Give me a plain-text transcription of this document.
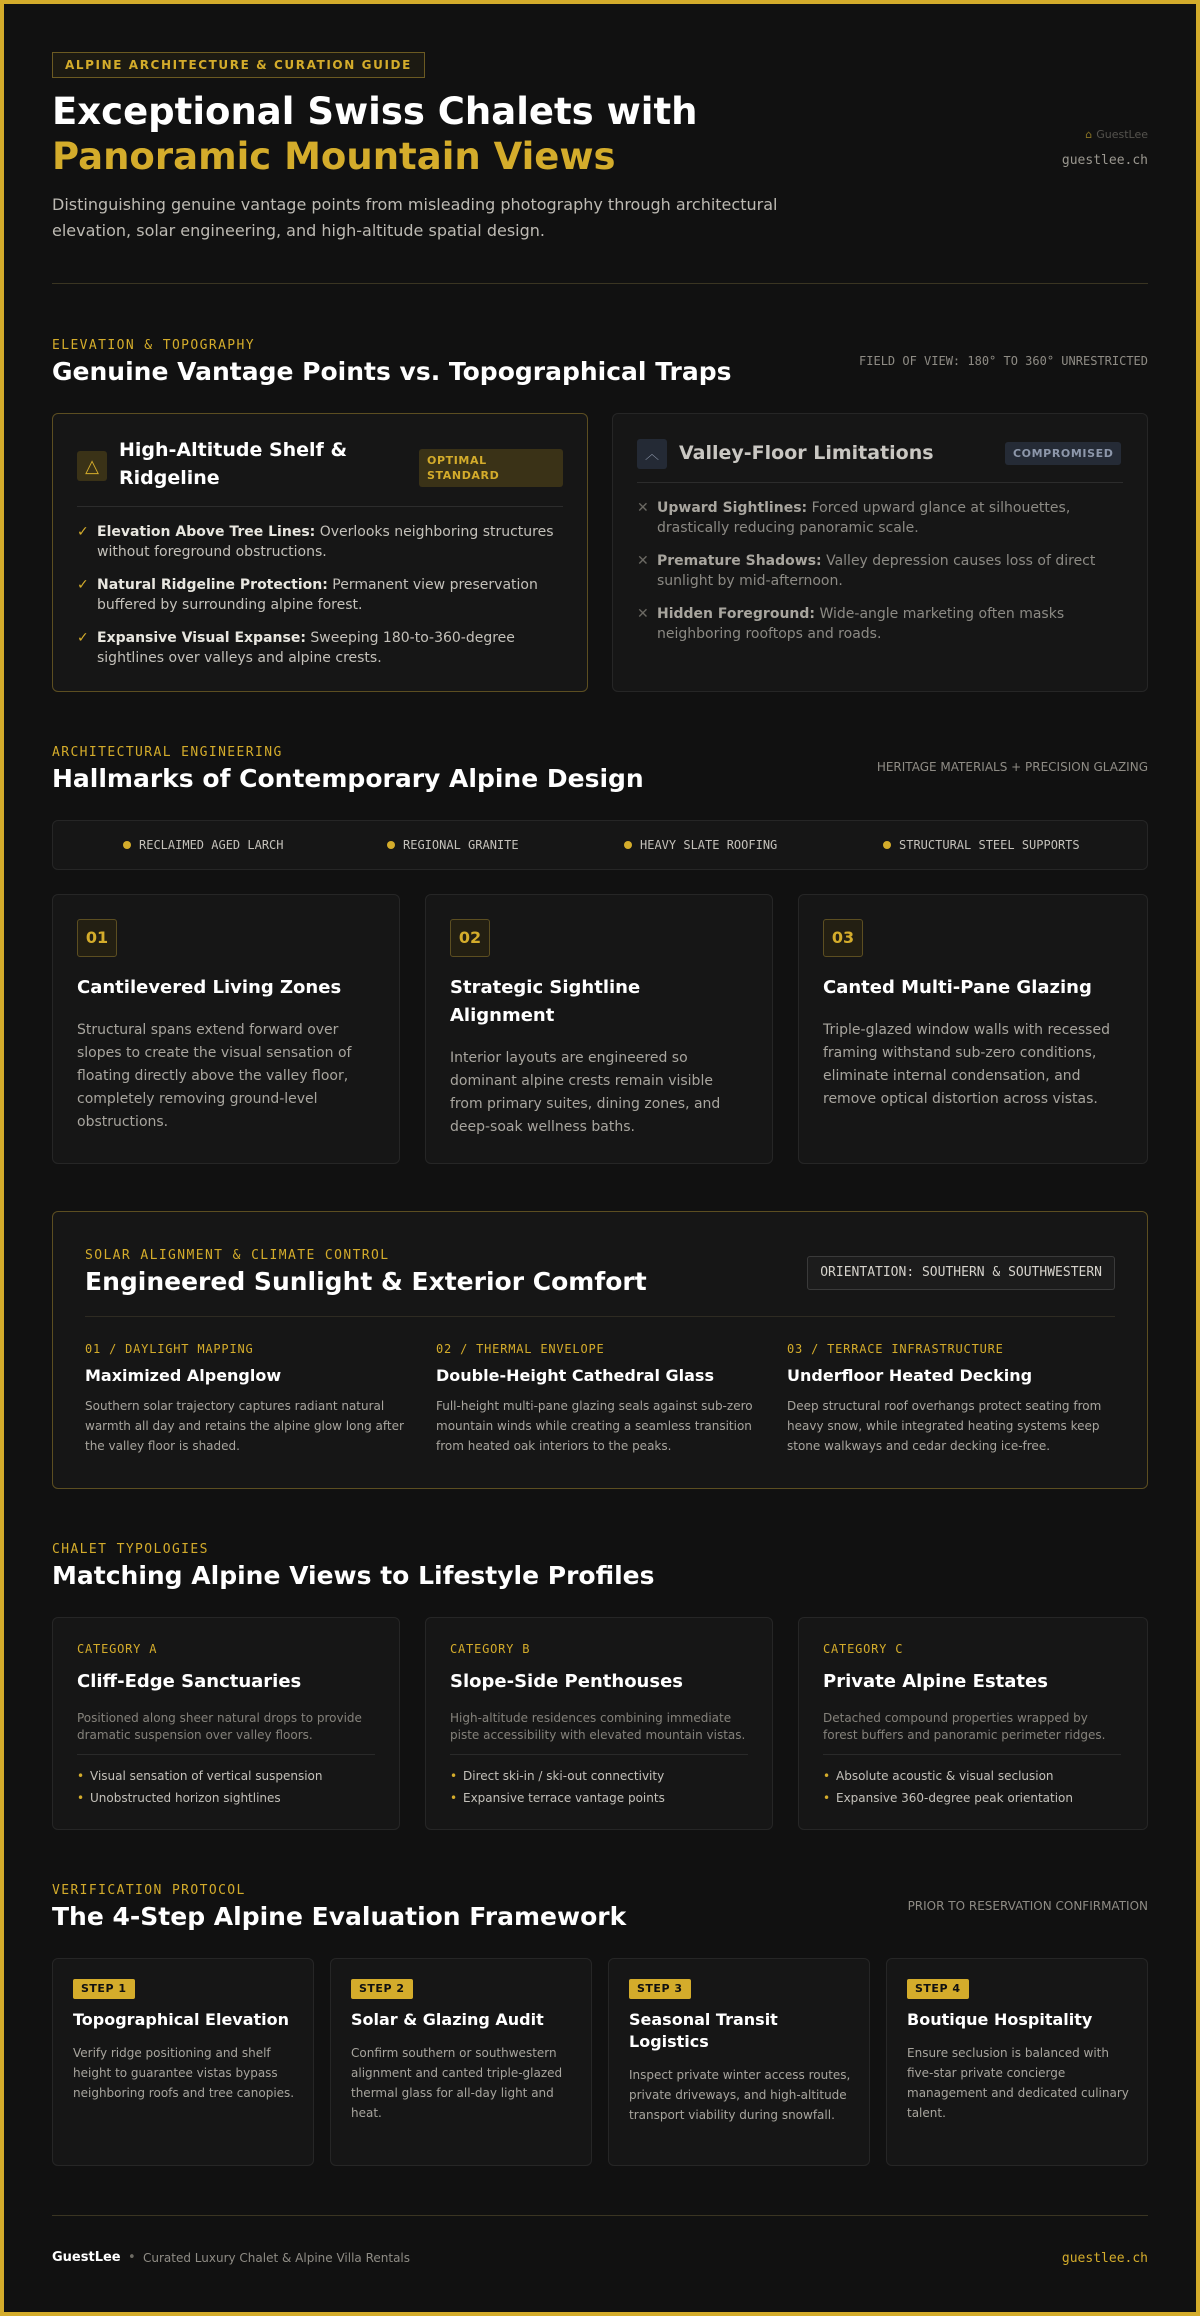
ALPINE ARCHITECTURE & CURATION GUIDE
Exceptional Swiss Chalets with
Panoramic Mountain Views
Distinguishing genuine vantage points from misleading photography through architectural elevation, solar engineering, and high-altitude spatial design.
⌂ GuestLee
guestlee.ch
ELEVATION & TOPOGRAPHY
Genuine Vantage Points vs. Topographical Traps	FIELD OF VIEW: 180° TO 360° UNRESTRICTED
△
High-Altitude Shelf & Ridgeline
OPTIMAL STANDARD
✓ Elevation Above Tree Lines: Overlooks neighboring structures without foreground obstructions.
✓ Natural Ridgeline Protection: Permanent view preservation buffered by surrounding alpine forest.
✓ Expansive Visual Expanse: Sweeping 180-to-360-degree sightlines over valleys and alpine crests.
︿	Valley-Floor Limitations	COMPROMISED
✕ Upward Sightlines: Forced upward glance at silhouettes, drastically reducing panoramic scale.
✕ Premature Shadows: Valley depression causes loss of direct sunlight by mid-afternoon.
✕ Hidden Foreground: Wide-angle marketing often masks neighboring rooftops and roads.
ARCHITECTURAL ENGINEERING
Hallmarks of Contemporary Alpine Design	HERITAGE MATERIALS + PRECISION GLAZING
RECLAIMED AGED LARCH	REGIONAL GRANITE	HEAVY SLATE ROOFING	STRUCTURAL STEEL SUPPORTS
01
Cantilevered Living Zones
Structural spans extend forward over slopes to create the visual sensation of floating directly above the valley floor, completely removing ground-level obstructions.
02
Strategic Sightline Alignment
Interior layouts are engineered so dominant alpine crests remain visible from primary suites, dining zones, and deep-soak wellness baths.
03
Canted Multi-Pane Glazing
Triple-glazed window walls with recessed framing withstand sub-zero conditions, eliminate internal condensation, and remove optical distortion across vistas.
SOLAR ALIGNMENT & CLIMATE CONTROL
Engineered Sunlight & Exterior Comfort	ORIENTATION: SOUTHERN & SOUTHWESTERN
01 / DAYLIGHT MAPPING
Maximized Alpenglow
Southern solar trajectory captures radiant natural warmth all day and retains the alpine glow long after the valley floor is shaded.
02 / THERMAL ENVELOPE
Double-Height Cathedral Glass
Full-height multi-pane glazing seals against sub-zero mountain winds while creating a seamless transition from heated oak interiors to the peaks.
03 / TERRACE INFRASTRUCTURE
Underfloor Heated Decking
Deep structural roof overhangs protect seating from heavy snow, while integrated heating systems keep stone walkways and cedar decking ice-free.
CHALET TYPOLOGIES
Matching Alpine Views to Lifestyle Profiles
CATEGORY A
Cliff-Edge Sanctuaries
Positioned along sheer natural drops to provide dramatic suspension over valley floors.
• Visual sensation of vertical suspension
• Unobstructed horizon sightlines
CATEGORY B
Slope-Side Penthouses
High-altitude residences combining immediate piste accessibility with elevated mountain vistas.
• Direct ski-in / ski-out connectivity
• Expansive terrace vantage points
CATEGORY C
Private Alpine Estates
Detached compound properties wrapped by forest buffers and panoramic perimeter ridges.
• Absolute acoustic & visual seclusion
• Expansive 360-degree peak orientation
VERIFICATION PROTOCOL
The 4-Step Alpine Evaluation Framework	PRIOR TO RESERVATION CONFIRMATION
STEP 1
Topographical Elevation
Verify ridge positioning and shelf height to guarantee vistas bypass neighboring roofs and tree canopies.
STEP 2
Solar & Glazing Audit
Confirm southern or southwestern alignment and canted triple-glazed thermal glass for all-day light and heat.
STEP 3
Seasonal Transit Logistics
Inspect private winter access routes, private driveways, and high-altitude transport viability during snowfall.
STEP 4
Boutique Hospitality
Ensure seclusion is balanced with five-star private concierge management and dedicated culinary talent.
GuestLee • Curated Luxury Chalet & Alpine Villa Rentals	guestlee.ch
